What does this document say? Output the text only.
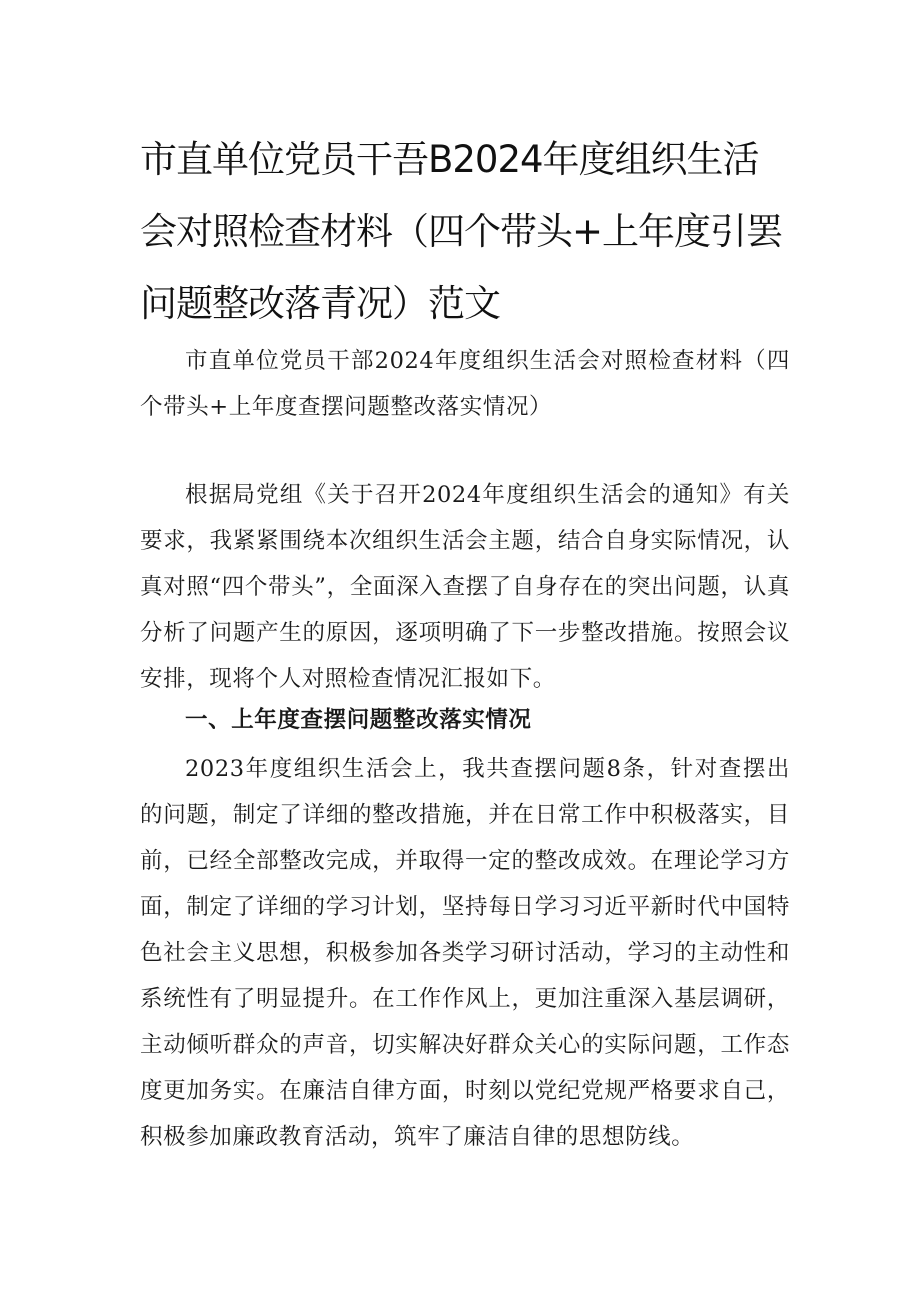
市直单位党员干吾B2024年度组织生活会对照检查材料（四个带头+上年度引罢问题整改落青况）范文

市直单位党员干部2024年度组织生活会对照检查材料（四个带头+上年度查摆问题整改落实情况）

根据局党组《关于召开2024年度组织生活会的通知》有关要求，我紧紧围绕本次组织生活会主题，结合自身实际情况，认真对照“四个带头”，全面深入查摆了自身存在的突出问题，认真分析了问题产生的原因，逐项明确了下一步整改措施。按照会议安排，现将个人对照检查情况汇报如下。

一、上年度查摆问题整改落实情况

2023年度组织生活会上，我共查摆问题8条，针对查摆出的问题，制定了详细的整改措施，并在日常工作中积极落实，目前，已经全部整改完成，并取得一定的整改成效。在理论学习方面，制定了详细的学习计划，坚持每日学习习近平新时代中国特色社会主义思想，积极参加各类学习研讨活动，学习的主动性和系统性有了明显提升。在工作作风上，更加注重深入基层调研，主动倾听群众的声音，切实解决好群众关心的实际问题，工作态度更加务实。在廉洁自律方面，时刻以党纪党规严格要求自己，积极参加廉政教育活动，筑牢了廉洁自律的思想防线。
